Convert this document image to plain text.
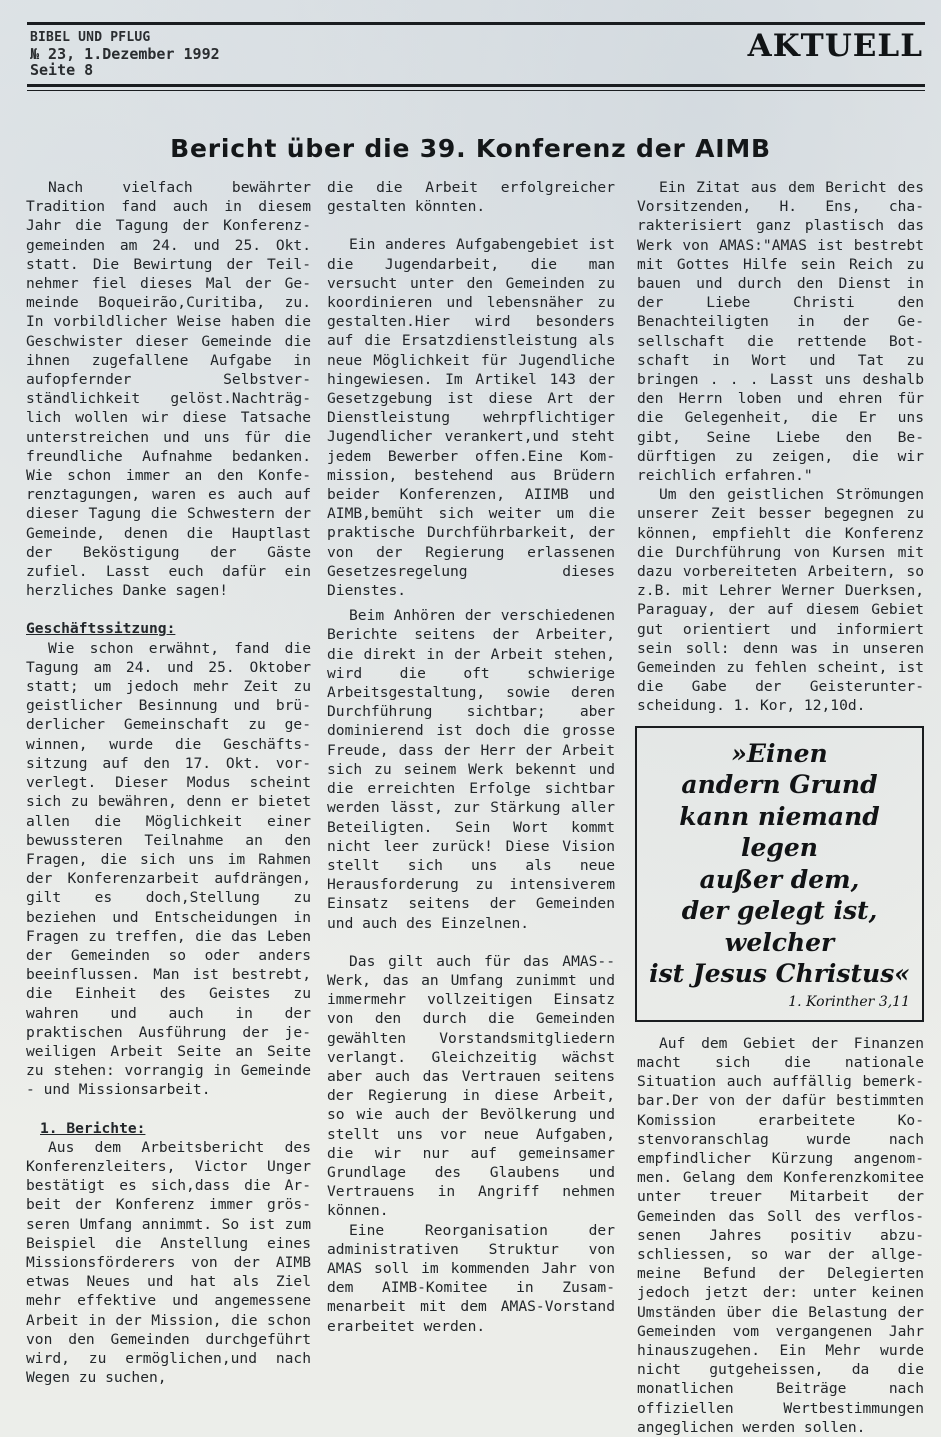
BIBEL UND PFLUG
№ 23, 1.Dezember 1992
Seite 8
AKTUELL
Bericht über die 39. Konferenz der AIMB

Nach vielfach bewährter Tradition fand auch in diesem Jahr die Tagung der Konferenzgemeinden am 24. und 25. Okt. statt. Die Bewirtung der Teilnehmer fiel dieses Mal der Gemeinde Boqueirão,Curitiba, zu. In vorbildlicher Weise haben die Geschwister dieser Gemeinde die ihnen zugefallene Aufgabe in aufopfernder Selbstverständlichkeit gelöst.Nachträglich wollen wir diese Tatsache unterstreichen und uns für die freundliche Aufnahme bedanken. Wie schon immer an den Konferenztagungen, waren es auch auf dieser Tagung die Schwestern der Gemeinde, denen die Hauptlast der Beköstigung der Gäste zufiel. Lasst euch dafür ein herzliches Danke sagen!

Geschäftssitzung:

Wie schon erwähnt, fand die Tagung am 24. und 25. Oktober statt; um jedoch mehr Zeit zu geistlicher Besinnung und brüderlicher Gemeinschaft zu gewinnen, wurde die Geschäftssitzung auf den 17. Okt. vorverlegt. Dieser Modus scheint sich zu bewähren, denn er bietet allen die Möglichkeit einer bewussteren Teilnahme an den Fragen, die sich uns im Rahmen der Konferenzarbeit aufdrängen, gilt es doch,Stellung zu beziehen und Entscheidungen in Fragen zu treffen, die das Leben der Gemeinden so oder anders beeinflussen. Man ist bestrebt, die Einheit des Geistes zu wahren und auch in der praktischen Ausführung der jeweiligen Arbeit Seite an Seite zu stehen: vorrangig in Gemeinde - und Missionsarbeit.

1. Berichte:

Aus dem Arbeitsbericht des Konferenzleiters, Victor Unger bestätigt es sich,dass die Arbeit der Konferenz immer grösseren Umfang annimmt. So ist zum Beispiel die Anstellung eines Missionsförderers von der AIMB etwas Neues und hat als Ziel mehr effektive und angemessene Arbeit in der Mission, die schon von den Gemeinden durchgeführt wird, zu ermöglichen,und nach Wegen zu suchen,

die die Arbeit erfolgreicher gestalten könnten.

Ein anderes Aufgabengebiet ist die Jugendarbeit, die man versucht unter den Gemeinden zu koordinieren und lebensnäher zu gestalten.Hier wird besonders auf die Ersatzdienstleistung als neue Möglichkeit für Jugendliche hingewiesen. Im Artikel 143 der Gesetzgebung ist diese Art der Dienstleistung wehrpflichtiger Jugendlicher verankert,und steht jedem Bewerber offen.Eine Kommission, bestehend aus Brüdern beider Konferenzen, AIIMB und AIMB,bemüht sich weiter um die praktische Durchführbarkeit, der von der Regierung erlassenen Gesetzesregelung dieses Dienstes.

Beim Anhören der verschiedenen Berichte seitens der Arbeiter, die direkt in der Arbeit stehen, wird die oft schwierige Arbeitsgestaltung, sowie deren Durchführung sichtbar; aber dominierend ist doch die grosse Freude, dass der Herr der Arbeit sich zu seinem Werk bekennt und die erreichten Erfolge sichtbar werden lässt, zur Stärkung aller Beteiligten. Sein Wort kommt nicht leer zurück! Diese Vision stellt sich uns als neue Herausforderung zu intensiverem Einsatz seitens der Gemeinden und auch des Einzelnen.

Das gilt auch für das AMAS--Werk, das an Umfang zunimmt und immermehr vollzeitigen Einsatz von den durch die Gemeinden gewählten Vorstandsmitgliedern verlangt. Gleichzeitig wächst aber auch das Vertrauen seitens der Regierung in diese Arbeit, so wie auch der Bevölkerung und stellt uns vor neue Aufgaben, die wir nur auf gemeinsamer Grundlage des Glaubens und Vertrauens in Angriff nehmen können.

Eine Reorganisation der administrativen Struktur von AMAS soll im kommenden Jahr von dem AIMB-Komitee in Zusammenarbeit mit dem AMAS-Vorstand erarbeitet werden.

Ein Zitat aus dem Bericht des Vorsitzenden, H. Ens, charakterisiert ganz plastisch das Werk von AMAS:"AMAS ist bestrebt mit Gottes Hilfe sein Reich zu bauen und durch den Dienst in der Liebe Christi den Benachteiligten in der Gesellschaft die rettende Botschaft in Wort und Tat zu bringen . . . Lasst uns deshalb den Herrn loben und ehren für die Gelegenheit, die Er uns gibt, Seine Liebe den Bedürftigen zu zeigen, die wir reichlich erfahren."

Um den geistlichen Strömungen unserer Zeit besser begegnen zu können, empfiehlt die Konferenz die Durchführung von Kursen mit dazu vorbereiteten Arbeitern, so z.B. mit Lehrer Werner Duerksen, Paraguay, der auf diesem Gebiet gut orientiert und informiert sein soll: denn was in unseren Gemeinden zu fehlen scheint, ist die Gabe der Geisterunterscheidung. 1. Kor, 12,10d.

»Einen
andern Grund
kann niemand legen
außer dem,
der gelegt ist, welcher
ist Jesus Christus«
1. Korinther 3,11

Auf dem Gebiet der Finanzen macht sich die nationale Situation auch auffällig bemerkbar.Der von der dafür bestimmten Komission erarbeitete Kostenvoranschlag wurde nach empfindlicher Kürzung angenommen. Gelang dem Konferenzkomitee unter treuer Mitarbeit der Gemeinden das Soll des verflossenen Jahres positiv abzuschliessen, so war der allgemeine Befund der Delegierten jedoch jetzt der: unter keinen Umständen über die Belastung der Gemeinden vom vergangenen Jahr hinauszugehen. Ein Mehr wurde nicht gutgeheissen, da die monatlichen Beiträge nach offiziellen Wertbestimmungen angeglichen werden sollen.
